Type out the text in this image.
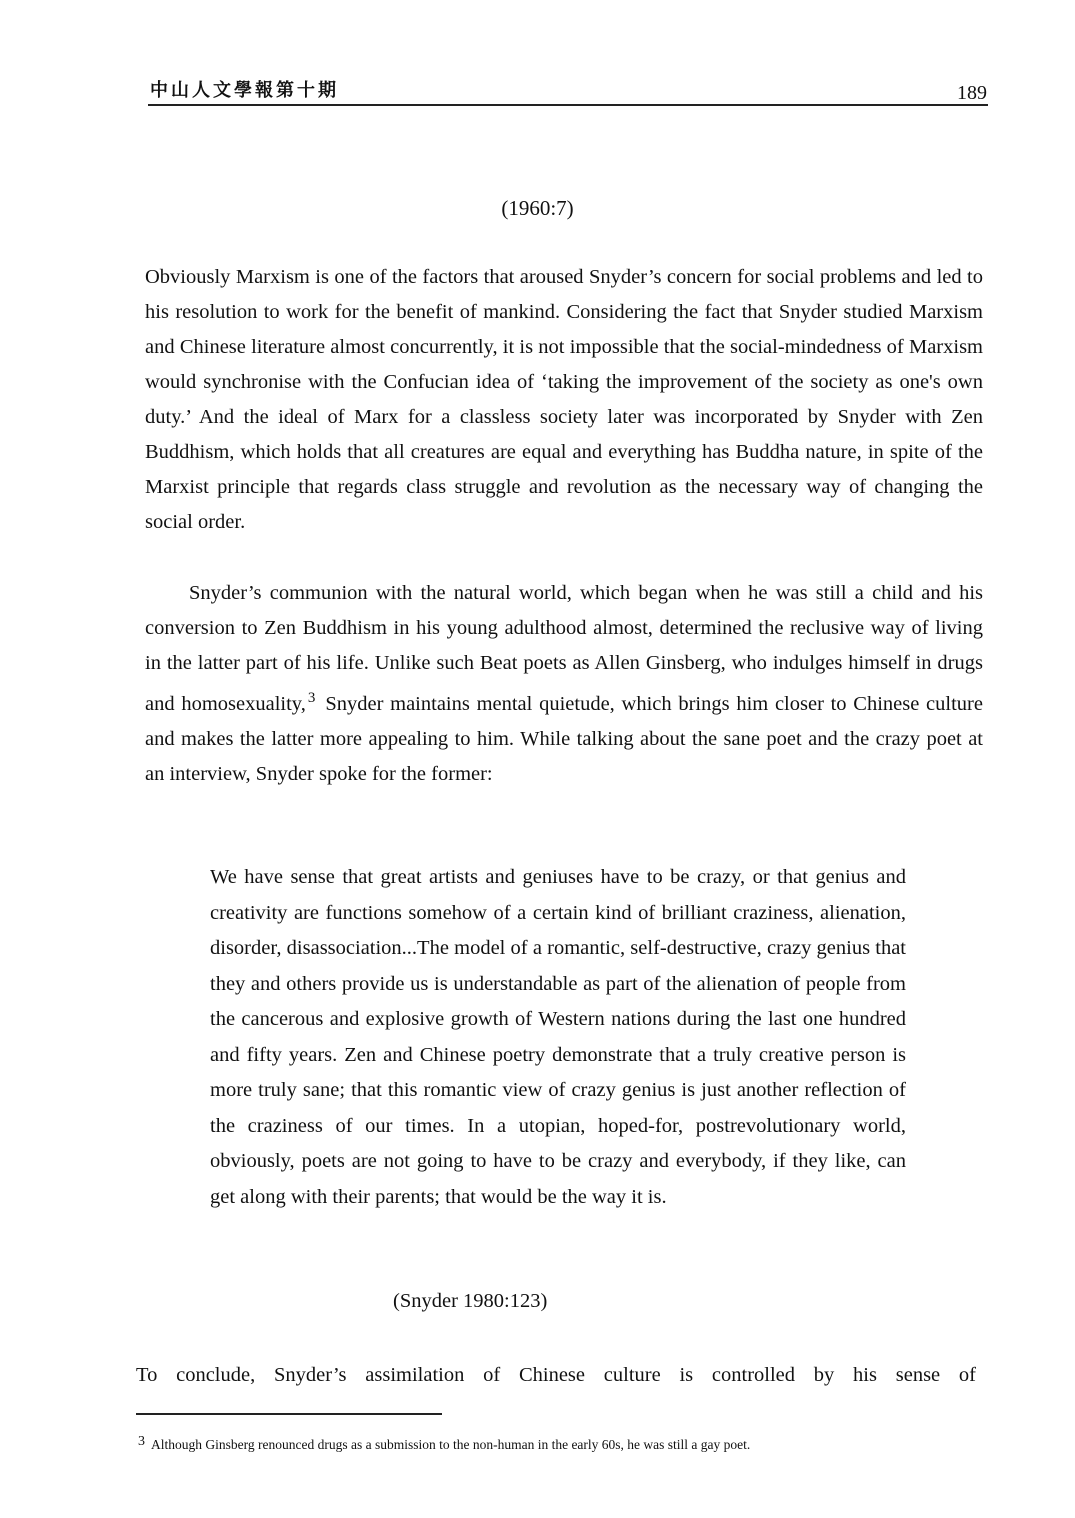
中山人文學報第十期	189
(1960:7)

Obviously Marxism is one of the factors that aroused Snyder’s concern for social problems and led to his resolution to work for the benefit of mankind. Considering the fact that Snyder studied Marxism and Chinese literature almost concurrently, it is not impossible that the social-mindedness of Marxism would synchronise with the Confucian idea of ‘taking the improvement of the society as one's own duty.’ And the ideal of Marx for a classless society later was incorporated by Snyder with Zen Buddhism, which holds that all creatures are equal and everything has Buddha nature, in spite of the Marxist principle that regards class struggle and revolution as the necessary way of changing the social order.

Snyder’s communion with the natural world, which began when he was still a child and his conversion to Zen Buddhism in his young adulthood almost, determined the reclusive way of living in the latter part of his life. Unlike such Beat poets as Allen Ginsberg, who indulges himself in drugs and homosexuality, $^3$ Snyder maintains mental quietude, which brings him closer to Chinese culture and makes the latter more appealing to him. While talking about the sane poet and the crazy poet at an interview, Snyder spoke for the former:

We have sense that great artists and geniuses have to be crazy, or that genius and creativity are functions somehow of a certain kind of brilliant craziness, alienation, disorder, disassociation...The model of a romantic, self-destructive, crazy genius that they and others provide us is understandable as part of the alienation of people from the cancerous and explosive growth of Western nations during the last one hundred and fifty years. Zen and Chinese poetry demonstrate that a truly creative person is more truly sane; that this romantic view of crazy genius is just another reflection of the craziness of our times. In a utopian, hoped-for, postrevolutionary world, obviously, poets are not going to have to be crazy and everybody, if they like, can get along with their parents; that would be the way it is.

(Snyder 1980:123)

To conclude, Snyder’s assimilation of Chinese culture is controlled by his sense of

3 Although Ginsberg renounced drugs as a submission to the non-human in the early 60s, he was still a gay poet.
